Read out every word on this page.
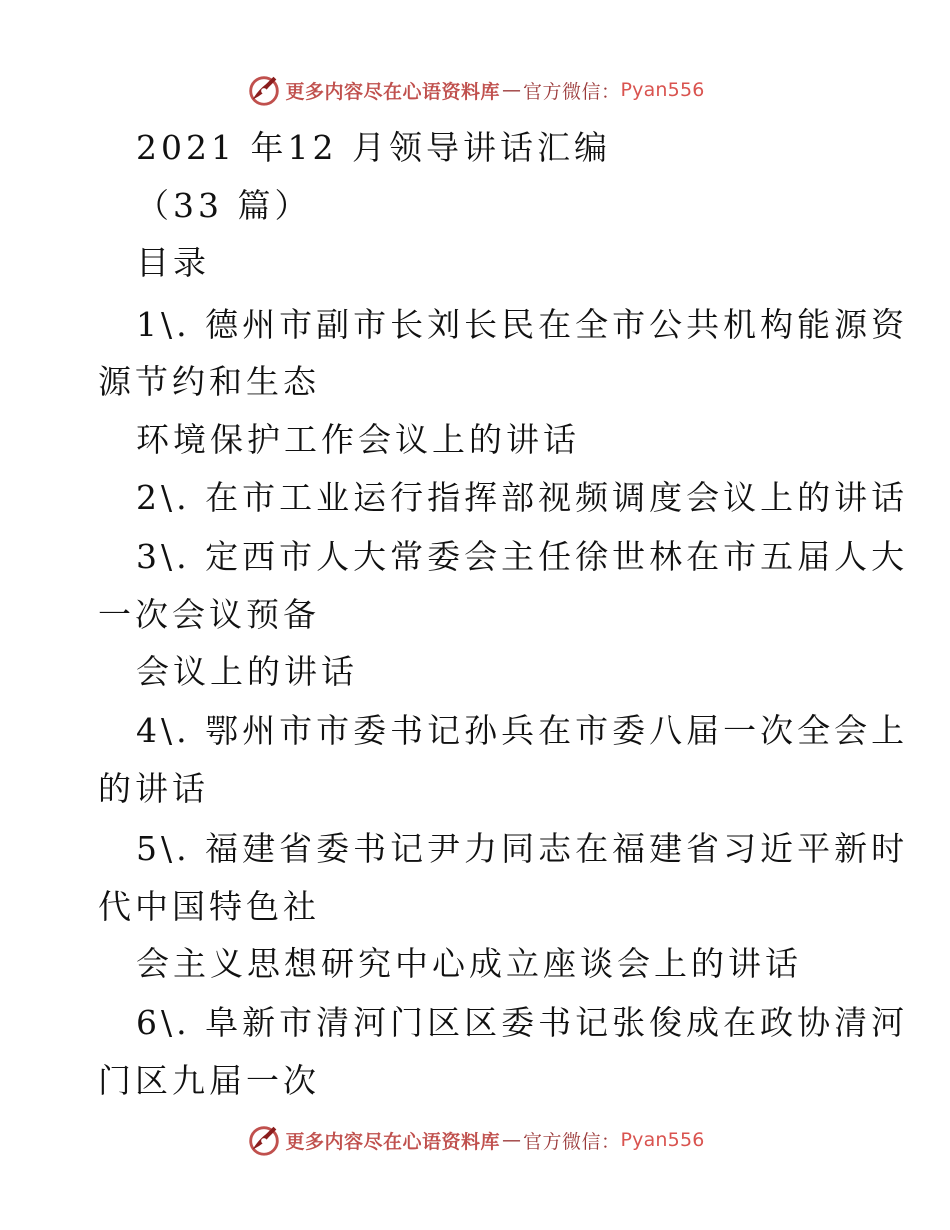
更多内容尽在心语资料库 — 官方微信： Pyan556
2021 年12 月领导讲话汇编
（33 篇）
目录
1\. 德州市副市长刘长民在全市公共机构能源资
源节约和生态
环境保护工作会议上的讲话
2\. 在市工业运行指挥部视频调度会议上的讲话
3\. 定西市人大常委会主任徐世林在市五届人大
一次会议预备
会议上的讲话
4\. 鄂州市市委书记孙兵在市委八届一次全会上
的讲话
5\. 福建省委书记尹力同志在福建省习近平新时
代中国特色社
会主义思想研究中心成立座谈会上的讲话
6\. 阜新市清河门区区委书记张俊成在政协清河
门区九届一次
更多内容尽在心语资料库 — 官方微信： Pyan556
